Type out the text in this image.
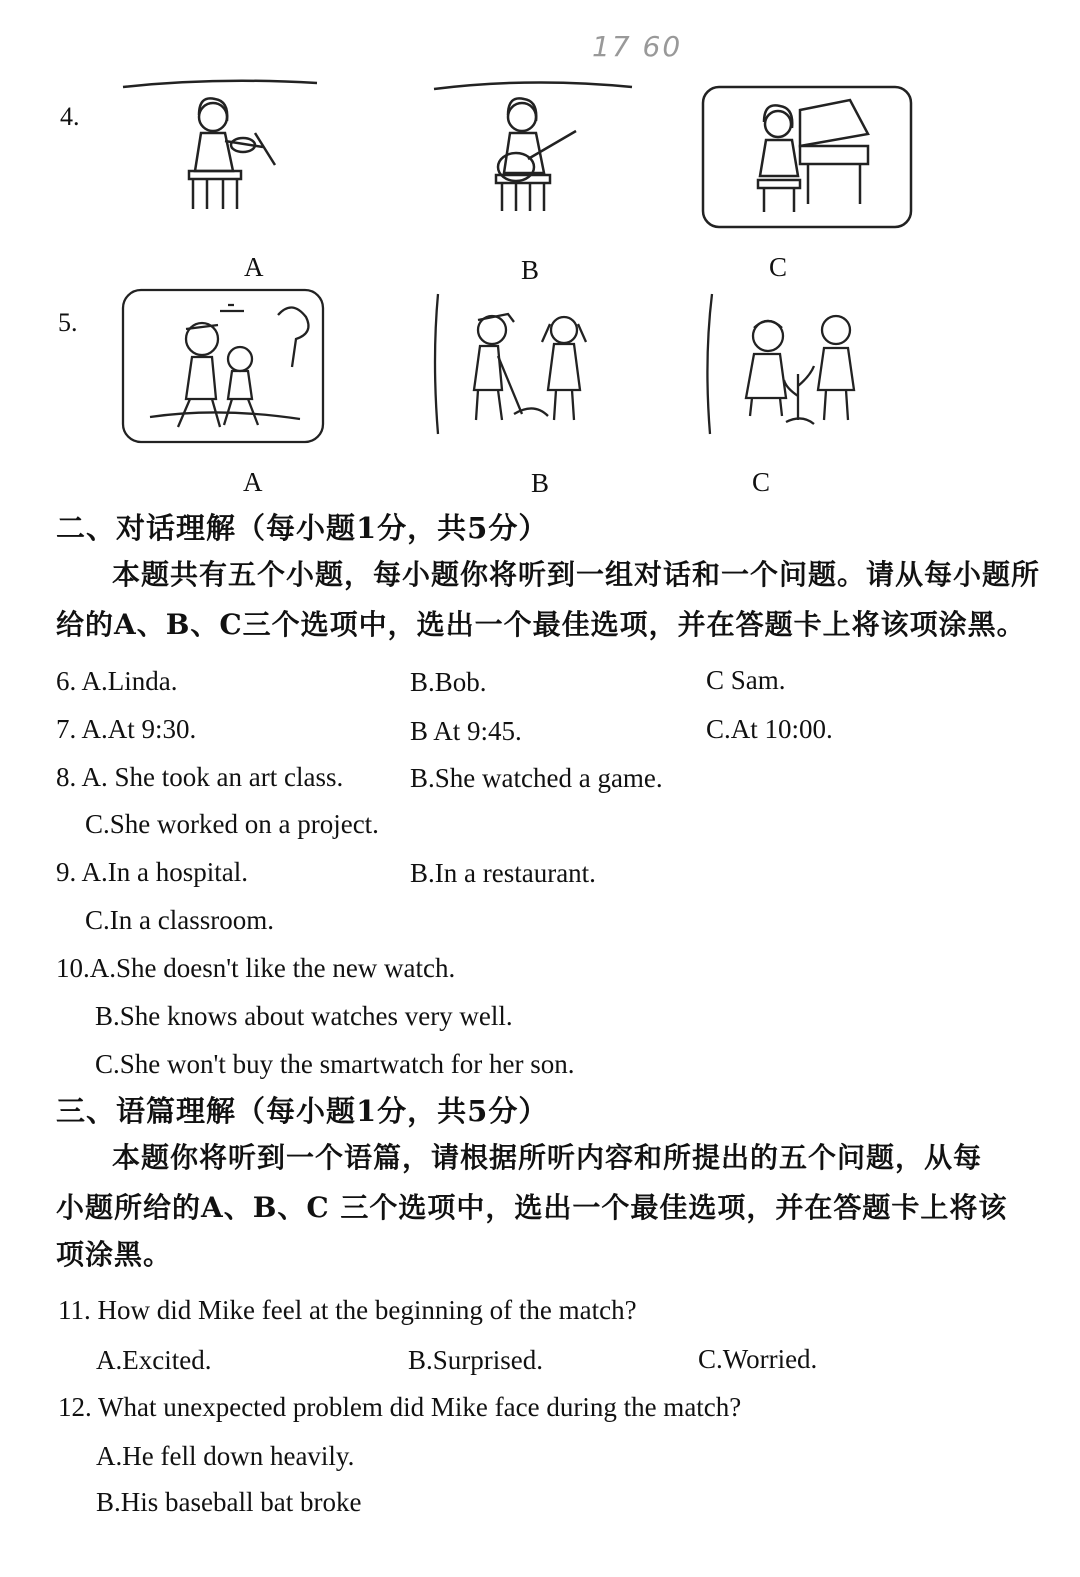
17 60
4.
A	B	C
5.
A	B	C
二、对话理解（每小题1分，共5分）
本题共有五个小题，每小题你将听到一组对话和一个问题。请从每小题所给的A、B、C三个选项中，选出一个最佳选项，并在答题卡上将该项涂黑。
6. A.Linda.	B.Bob.	C Sam.
7. A.At 9:30.	B At 9:45.	C.At 10:00.
8. A. She took an art class. B.She watched a game.
C.She worked on a project.
9. A.In a hospital.	B.In a restaurant.
C.In a classroom.
10.A.She doesn't like the new watch.
B.She knows about watches very well.
C.She won't buy the smartwatch for her son.
三、语篇理解（每小题1分，共5分）
本题你将听到一个语篇，请根据所听内容和所提出的五个问题，从每
小题所给的A、B、C 三个选项中，选出一个最佳选项，并在答题卡上将该
项涂黑。
11. How did Mike feel at the beginning of the match?
A.Excited.	B.Surprised.	C.Worried.
12. What unexpected problem did Mike face during the match?
A.He fell down heavily.
B.His baseball bat broke
